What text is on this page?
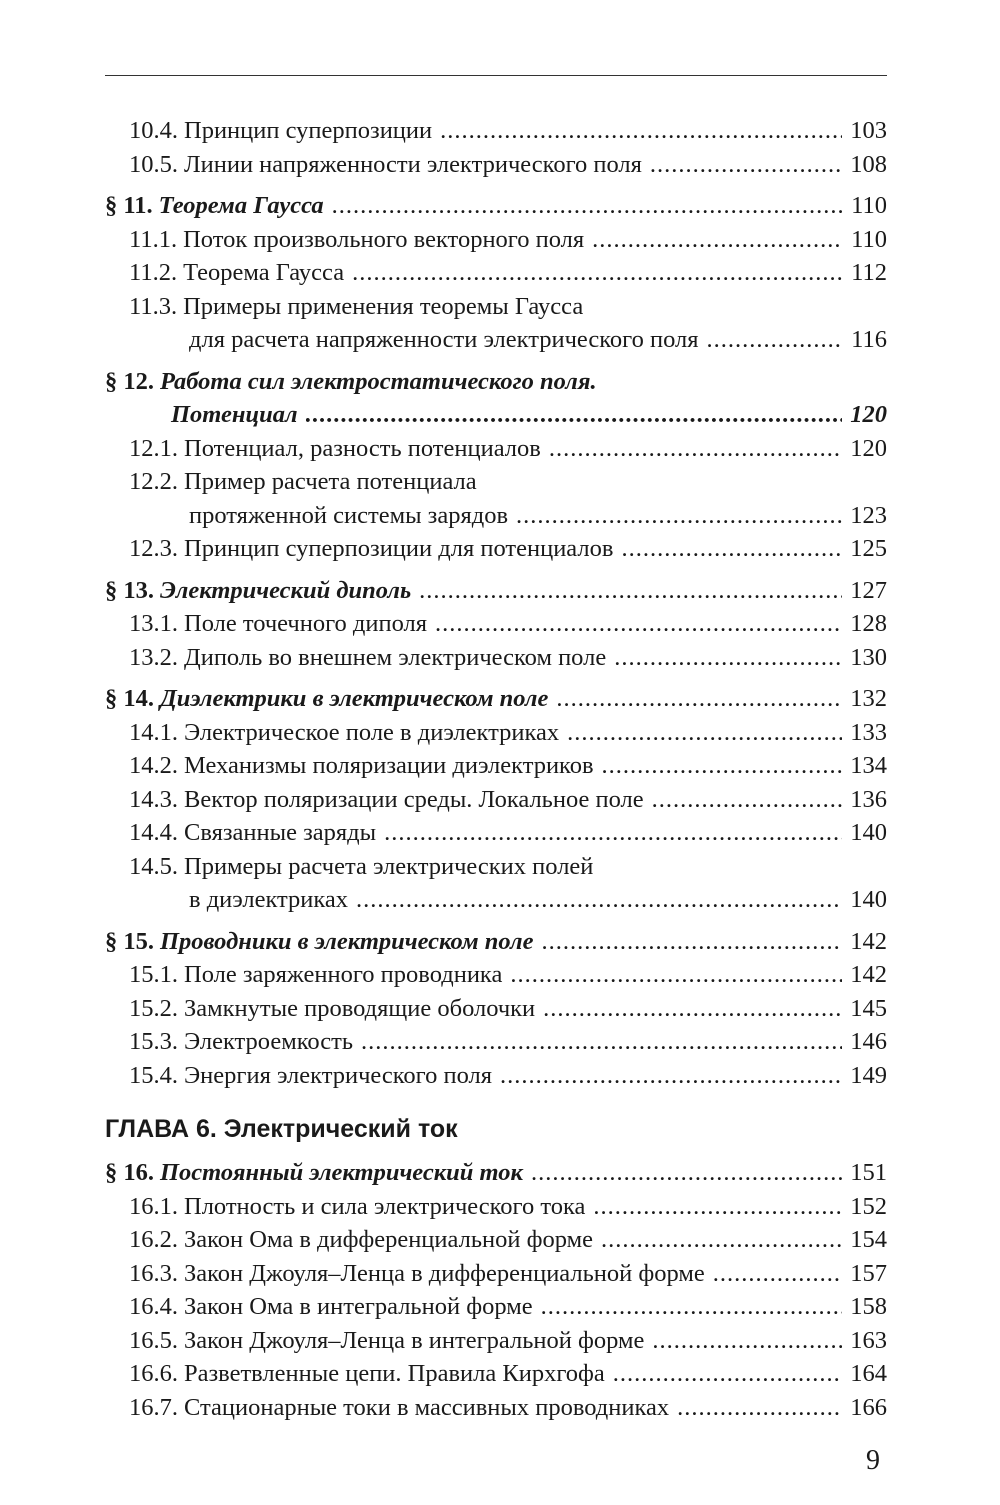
10.4. Принцип суперпозиции .....	103
10.5. Линии напряженности электрического поля .....	108
§ 11. Теорема Гаусса .....	110
11.1. Поток произвольного векторного поля .....	110
11.2. Теорема Гаусса .....	112
11.3. Примеры применения теоремы Гаусса
для расчета напряженности электрического поля .....	116
§ 12. Работа сил электростатического поля.
Потенциал .....	120
12.1. Потенциал, разность потенциалов .....	120
12.2. Пример расчета потенциала
протяженной системы зарядов .....	123
12.3. Принцип суперпозиции для потенциалов .....	125
§ 13. Электрический диполь .....	127
13.1. Поле точечного диполя .....	128
13.2. Диполь во внешнем электрическом поле .....	130
§ 14. Диэлектрики в электрическом поле .....	132
14.1. Электрическое поле в диэлектриках .....	133
14.2. Механизмы поляризации диэлектриков .....	134
14.3. Вектор поляризации среды. Локальное поле .....	136
14.4. Связанные заряды .....	140
14.5. Примеры расчета электрических полей
в диэлектриках .....	140
§ 15. Проводники в электрическом поле .....	142
15.1. Поле заряженного проводника .....	142
15.2. Замкнутые проводящие оболочки .....	145
15.3. Электроемкость .....	146
15.4. Энергия электрического поля .....	149
ГЛАВА 6. Электрический ток
§ 16. Постоянный электрический ток .....	151
16.1. Плотность и сила электрического тока .....	152
16.2. Закон Ома в дифференциальной форме .....	154
16.3. Закон Джоуля–Ленца в дифференциальной форме .....	157
16.4. Закон Ома в интегральной форме .....	158
16.5. Закон Джоуля–Ленца в интегральной форме .....	163
16.6. Разветвленные цепи. Правила Кирхгофа .....	164
16.7. Стационарные токи в массивных проводниках .....	166
9
